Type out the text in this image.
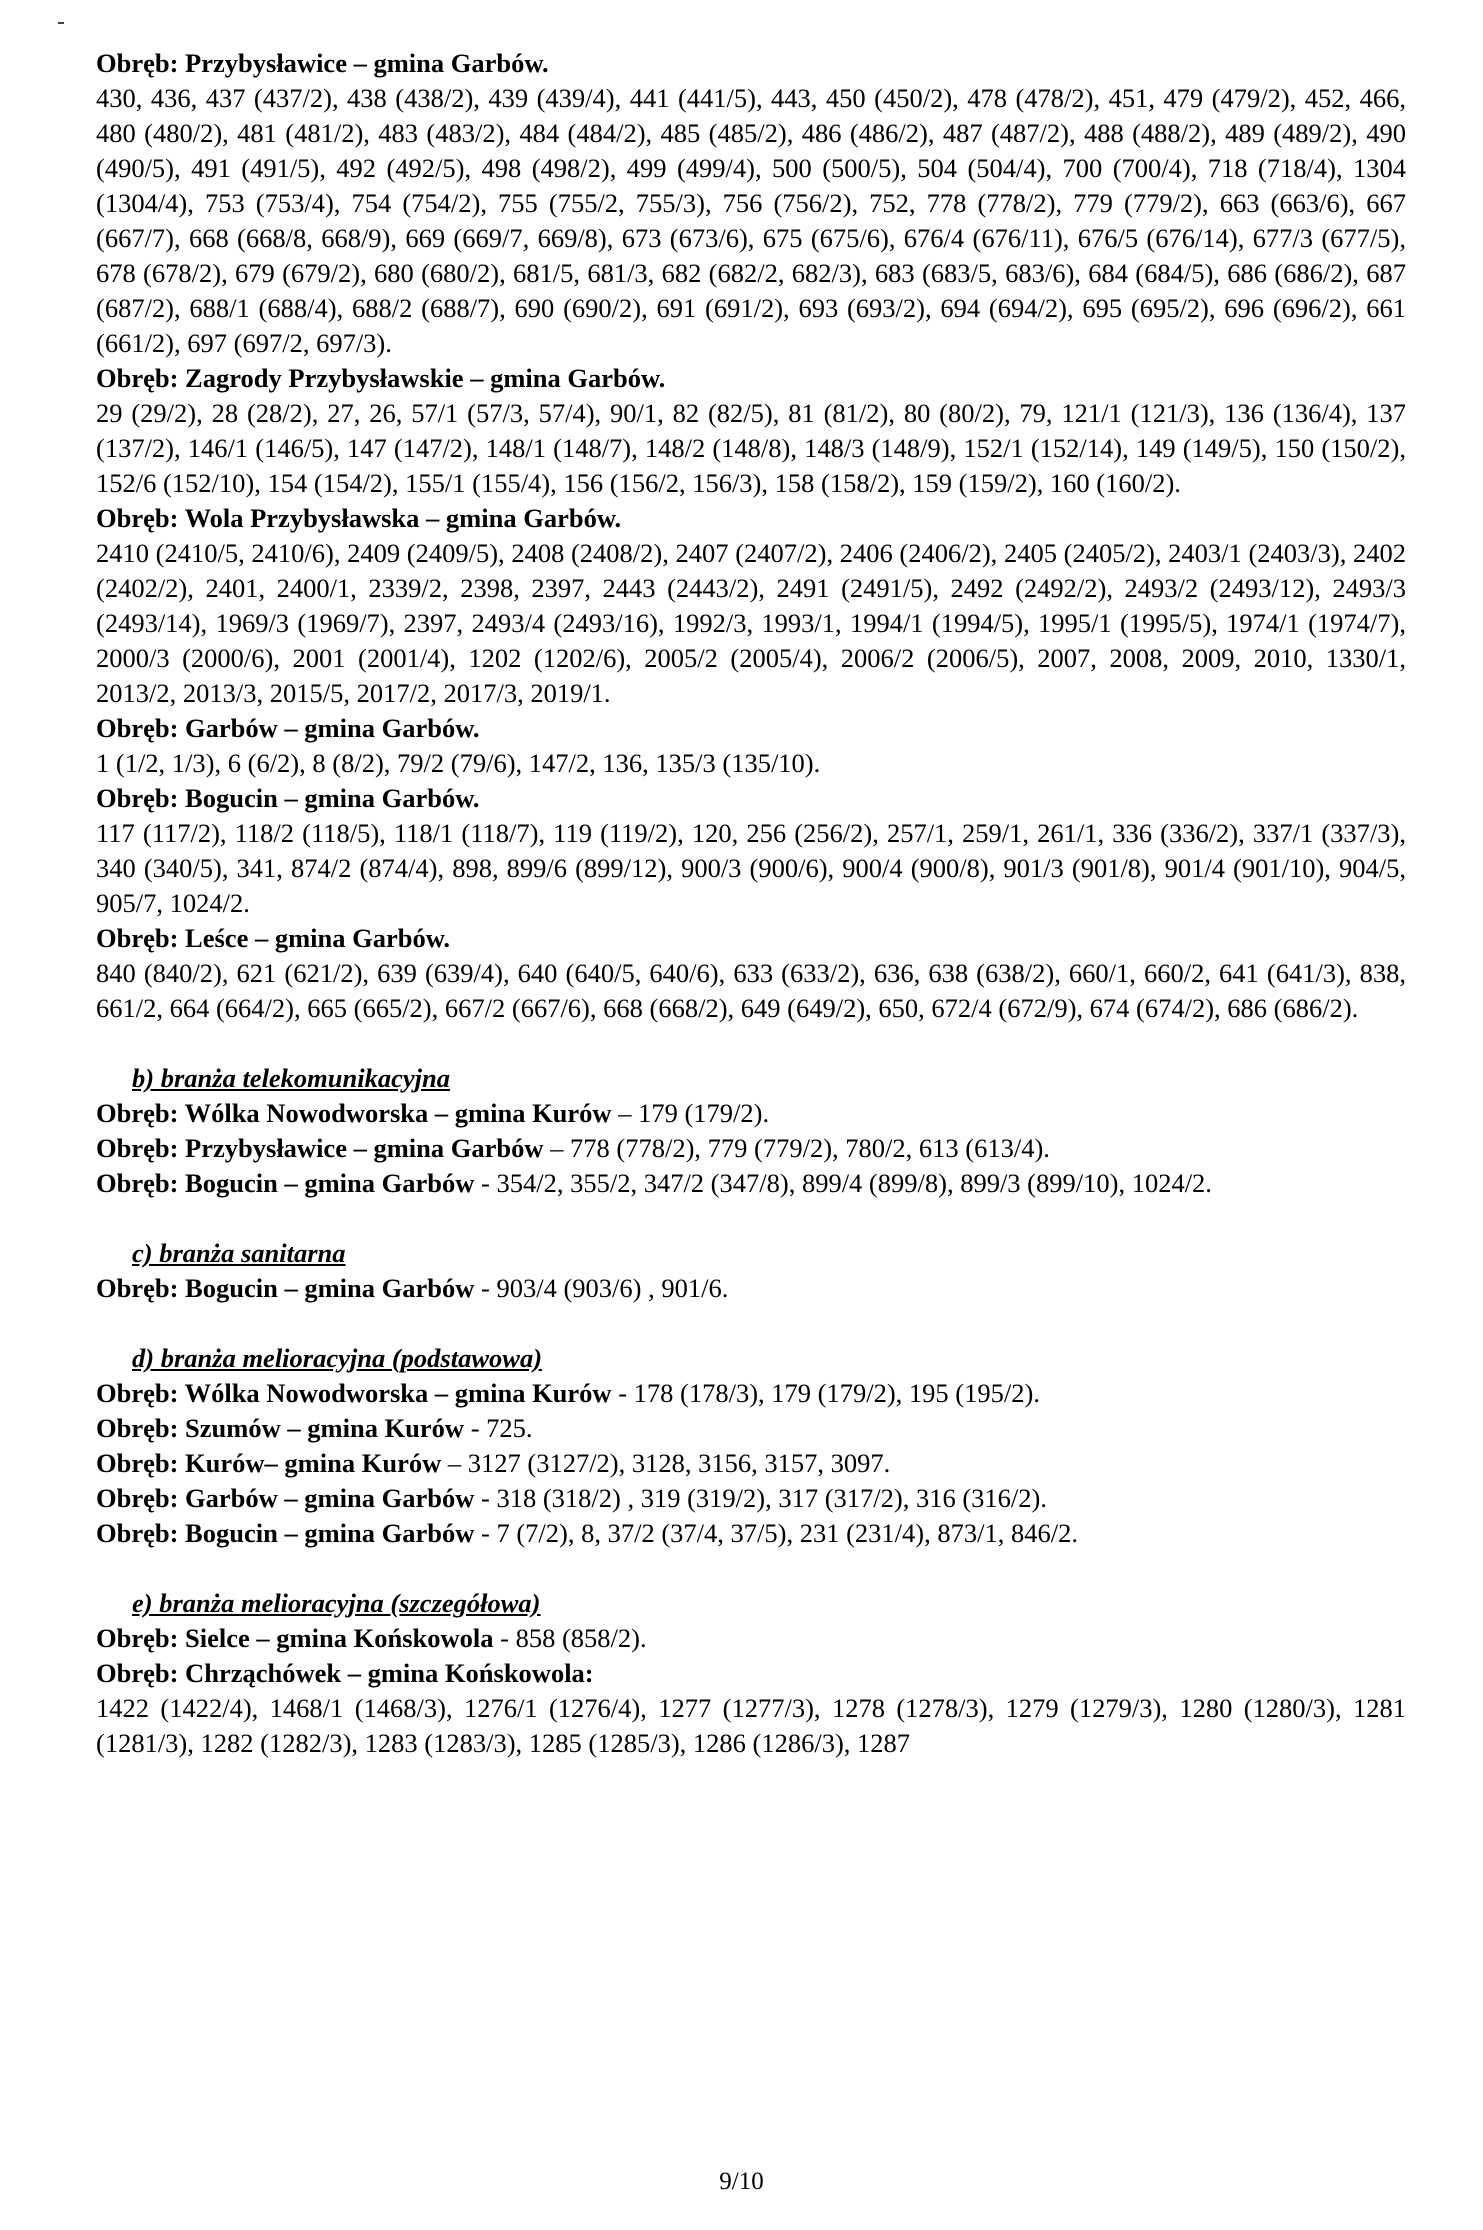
Obręb: Przybysławice – gmina Garbów.

430, 436, 437 (437/2), 438 (438/2), 439 (439/4), 441 (441/5), 443, 450 (450/2), 478 (478/2), 451, 479 (479/2), 452, 466, 480 (480/2), 481 (481/2), 483 (483/2), 484 (484/2), 485 (485/2), 486 (486/2), 487 (487/2), 488 (488/2), 489 (489/2), 490 (490/5), 491 (491/5), 492 (492/5), 498 (498/2), 499 (499/4), 500 (500/5), 504 (504/4), 700 (700/4), 718 (718/4), 1304 (1304/4), 753 (753/4), 754 (754/2), 755 (755/2, 755/3), 756 (756/2), 752, 778 (778/2), 779 (779/2), 663 (663/6), 667 (667/7), 668 (668/8, 668/9), 669 (669/7, 669/8), 673 (673/6), 675 (675/6), 676/4 (676/11), 676/5 (676/14), 677/3 (677/5), 678 (678/2), 679 (679/2), 680 (680/2), 681/5, 681/3, 682 (682/2, 682/3), 683 (683/5, 683/6), 684 (684/5), 686 (686/2), 687 (687/2), 688/1 (688/4), 688/2 (688/7), 690 (690/2), 691 (691/2), 693 (693/2), 694 (694/2), 695 (695/2), 696 (696/2), 661 (661/2), 697 (697/2, 697/3).

Obręb: Zagrody Przybysławskie – gmina Garbów.

29 (29/2), 28 (28/2), 27, 26, 57/1 (57/3, 57/4), 90/1, 82 (82/5), 81 (81/2), 80 (80/2), 79, 121/1 (121/3), 136 (136/4), 137 (137/2), 146/1 (146/5), 147 (147/2), 148/1 (148/7), 148/2 (148/8), 148/3 (148/9), 152/1 (152/14), 149 (149/5), 150 (150/2), 152/6 (152/10), 154 (154/2), 155/1 (155/4), 156 (156/2, 156/3), 158 (158/2), 159 (159/2), 160 (160/2).

Obręb: Wola Przybysławska – gmina Garbów.

2410 (2410/5, 2410/6), 2409 (2409/5), 2408 (2408/2), 2407 (2407/2), 2406 (2406/2), 2405 (2405/2), 2403/1 (2403/3), 2402 (2402/2), 2401, 2400/1, 2339/2, 2398, 2397, 2443 (2443/2), 2491 (2491/5), 2492 (2492/2), 2493/2 (2493/12), 2493/3 (2493/14), 1969/3 (1969/7), 2397, 2493/4 (2493/16), 1992/3, 1993/1, 1994/1 (1994/5), 1995/1 (1995/5), 1974/1 (1974/7), 2000/3 (2000/6), 2001 (2001/4), 1202 (1202/6), 2005/2 (2005/4), 2006/2 (2006/5), 2007, 2008, 2009, 2010, 1330/1, 2013/2, 2013/3, 2015/5, 2017/2, 2017/3, 2019/1.

Obręb: Garbów – gmina Garbów.

1 (1/2, 1/3), 6 (6/2), 8 (8/2), 79/2 (79/6), 147/2, 136, 135/3 (135/10).

Obręb: Bogucin – gmina Garbów.

117 (117/2), 118/2 (118/5), 118/1 (118/7), 119 (119/2), 120, 256 (256/2), 257/1, 259/1, 261/1, 336 (336/2), 337/1 (337/3), 340 (340/5), 341, 874/2 (874/4), 898, 899/6 (899/12), 900/3 (900/6), 900/4 (900/8), 901/3 (901/8), 901/4 (901/10), 904/5, 905/7, 1024/2.

Obręb: Leśce – gmina Garbów.

840 (840/2), 621 (621/2), 639 (639/4), 640 (640/5, 640/6), 633 (633/2), 636, 638 (638/2), 660/1, 660/2, 641 (641/3), 838, 661/2, 664 (664/2), 665 (665/2), 667/2 (667/6), 668 (668/2), 649 (649/2), 650, 672/4 (672/9), 674 (674/2), 686 (686/2).

b) branża telekomunikacyjna

Obręb: Wólka Nowodworska – gmina Kurów – 179 (179/2).

Obręb: Przybysławice – gmina Garbów – 778 (778/2), 779 (779/2), 780/2, 613 (613/4).

Obręb: Bogucin – gmina Garbów - 354/2, 355/2, 347/2 (347/8), 899/4 (899/8), 899/3 (899/10), 1024/2.

c) branża sanitarna

Obręb: Bogucin – gmina Garbów - 903/4 (903/6) , 901/6.

d) branża melioracyjna (podstawowa)

Obręb: Wólka Nowodworska – gmina Kurów - 178 (178/3), 179 (179/2), 195 (195/2).

Obręb: Szumów – gmina Kurów - 725.

Obręb: Kurów– gmina Kurów – 3127 (3127/2), 3128, 3156, 3157, 3097.

Obręb: Garbów – gmina Garbów - 318 (318/2) , 319 (319/2), 317 (317/2), 316 (316/2).

Obręb: Bogucin – gmina Garbów - 7 (7/2), 8, 37/2 (37/4, 37/5), 231 (231/4), 873/1, 846/2.

e) branża melioracyjna (szczegółowa)

Obręb: Sielce – gmina Końskowola - 858 (858/2).

Obręb: Chrząchówek – gmina Końskowola:

1422 (1422/4), 1468/1 (1468/3), 1276/1 (1276/4), 1277 (1277/3), 1278 (1278/3), 1279 (1279/3), 1280 (1280/3), 1281 (1281/3), 1282 (1282/3), 1283 (1283/3), 1285 (1285/3), 1286 (1286/3), 1287

9/10
